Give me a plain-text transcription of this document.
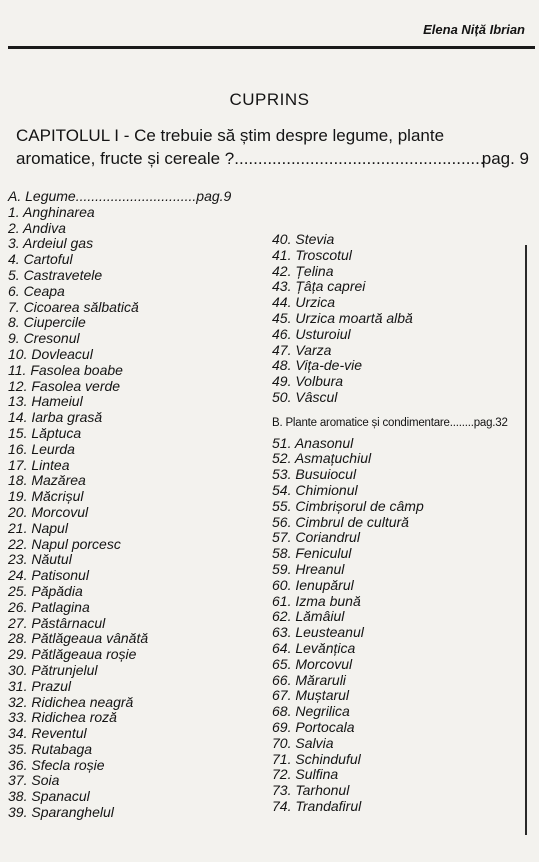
Elena Niță Ibrian
CUPRINS
CAPITOLUL I - Ce trebuie să știm despre legume, plante
aromatice, fructe și cereale ?.....................................................
pag. 9
A. Legume...............................pag.9
1. Anghinarea
2. Andiva
3. Ardeiul gas
4. Cartoful
5. Castravetele
6. Ceapa
7. Cicoarea sălbatică
8. Ciupercile
9. Cresonul
10. Dovleacul
11. Fasolea boabe
12. Fasolea verde
13. Hameiul
14. Iarba grasă
15. Lăptuca
16. Leurda
17. Lintea
18. Mazărea
19. Măcrișul
20. Morcovul
21. Napul
22. Napul porcesc
23. Năutul
24. Patisonul
25. Păpădia
26. Patlagina
27. Păstârnacul
28. Pătlăgeaua vânătă
29. Pătlăgeaua roșie
30. Pătrunjelul
31. Prazul
32. Ridichea neagră
33. Ridichea roză
34. Reventul
35. Rutabaga
36. Sfecla roșie
37. Soia
38. Spanacul
39. Sparanghelul
40. Stevia
41. Troscotul
42. Țelina
43. Țâța caprei
44. Urzica
45. Urzica moartă albă
46. Usturoiul
47. Varza
48. Vița-de-vie
49. Volbura
50. Vâscul
B. Plante aromatice și condimentare........pag.32
51. Anasonul
52. Asmațuchiul
53. Busuiocul
54. Chimionul
55. Cimbrișorul de câmp
56. Cimbrul de cultură
57. Coriandrul
58. Feniculul
59. Hreanul
60. Ienupărul
61. Izma bună
62. Lămâiul
63. Leusteanul
64. Levănțica
65. Morcovul
66. Măraruli
67. Muștarul
68. Negrilica
69. Portocala
70. Salvia
71. Schinduful
72. Sulfina
73. Tarhonul
74. Trandafirul
